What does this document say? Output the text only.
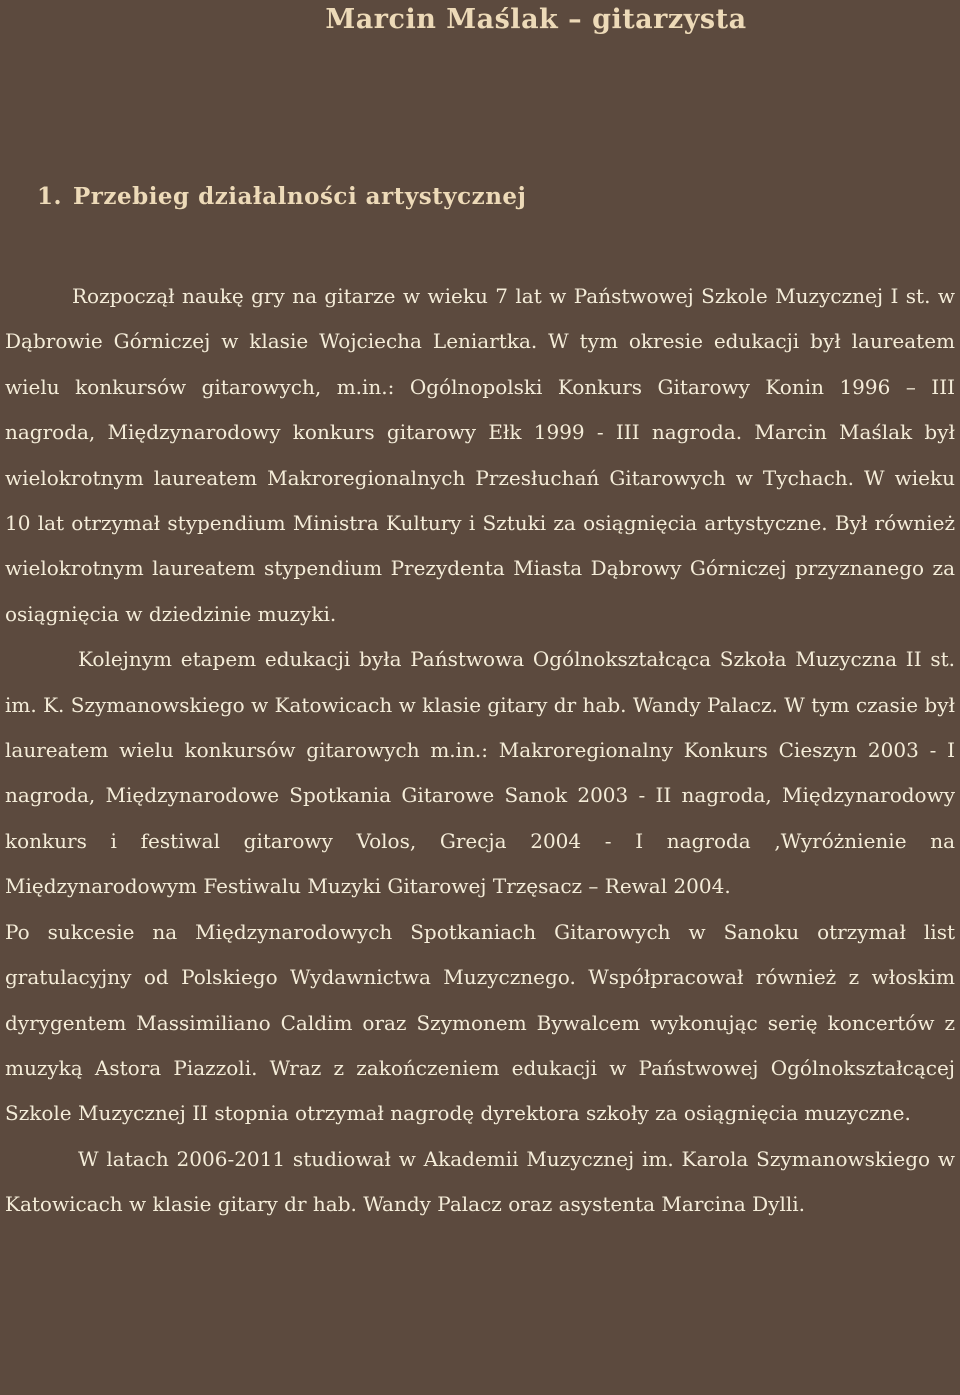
Marcin Maślak – gitarzysta
1. Przebieg działalności artystycznej

Rozpoczął naukę gry na gitarze w wieku 7 lat w Państwowej Szkole Muzycznej I st. w Dąbrowie Górniczej w klasie Wojciecha Leniartka. W tym okresie edukacji był laureatem wielu konkursów gitarowych, m.in.: Ogólnopolski Konkurs Gitarowy Konin 1996 – III nagroda, Międzynarodowy konkurs gitarowy Ełk 1999 - III nagroda. Marcin Maślak był wielokrotnym laureatem Makroregionalnych Przesłuchań Gitarowych w Tychach. W wieku 10 lat otrzymał stypendium Ministra Kultury i Sztuki za osiągnięcia artystyczne. Był również wielokrotnym laureatem stypendium Prezydenta Miasta Dąbrowy Górniczej przyznanego za osiągnięcia w dziedzinie muzyki.

Kolejnym etapem edukacji była Państwowa Ogólnokształcąca Szkoła Muzyczna II st. im. K. Szymanowskiego w Katowicach w klasie gitary dr hab. Wandy Palacz. W tym czasie był laureatem wielu konkursów gitarowych m.in.: Makroregionalny Konkurs Cieszyn 2003 - I nagroda, Międzynarodowe Spotkania Gitarowe Sanok 2003 - II nagroda, Międzynarodowy konkurs i festiwal gitarowy Volos, Grecja 2004 - I nagroda ,Wyróżnienie na Międzynarodowym Festiwalu Muzyki Gitarowej Trzęsacz – Rewal 2004.

Po sukcesie na Międzynarodowych Spotkaniach Gitarowych w Sanoku otrzymał list gratulacyjny od Polskiego Wydawnictwa Muzycznego. Współpracował również z włoskim dyrygentem Massimiliano Caldim oraz Szymonem Bywalcem wykonując serię koncertów z muzyką Astora Piazzoli. Wraz z zakończeniem edukacji w Państwowej Ogólnokształcącej Szkole Muzycznej II stopnia otrzymał nagrodę dyrektora szkoły za osiągnięcia muzyczne.

W latach 2006-2011 studiował w Akademii Muzycznej im. Karola Szymanowskiego w Katowicach w klasie gitary dr hab. Wandy Palacz oraz asystenta Marcina Dylli.
